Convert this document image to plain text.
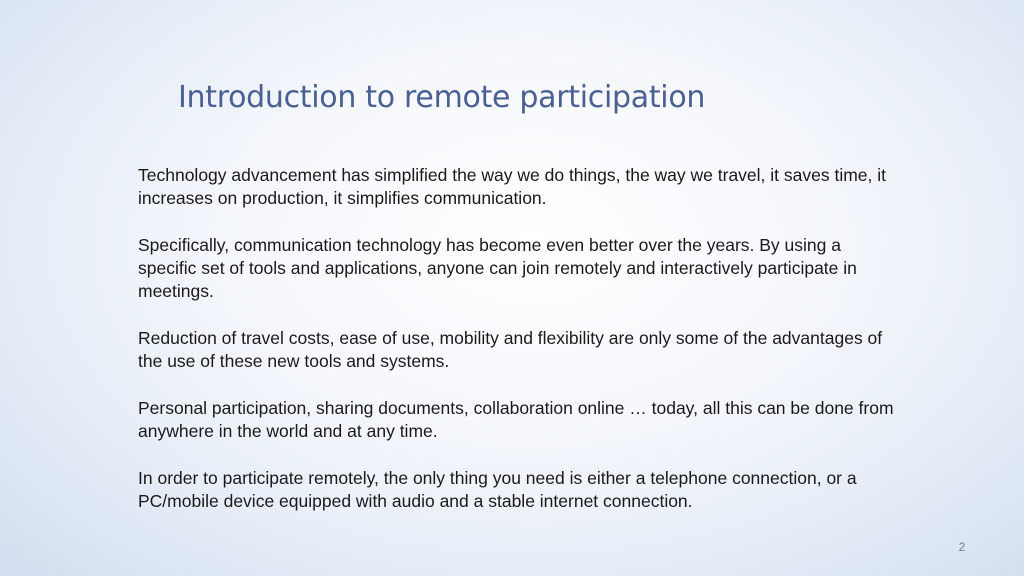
Introduction to remote participation

Technology advancement has simplified the way we do things, the way we travel, it saves time, it increases on production, it simplifies communication.

Specifically, communication technology has become even better over the years. By using a specific set of tools and applications, anyone can join remotely and interactively participate in meetings.

Reduction of travel costs, ease of use, mobility and flexibility are only some of the advantages of the use of these new tools and systems.

Personal participation, sharing documents, collaboration online … today, all this can be done from anywhere in the world and at any time.

In order to participate remotely, the only thing you need is either a telephone connection, or a PC/mobile device equipped with audio and a stable internet connection.

2
